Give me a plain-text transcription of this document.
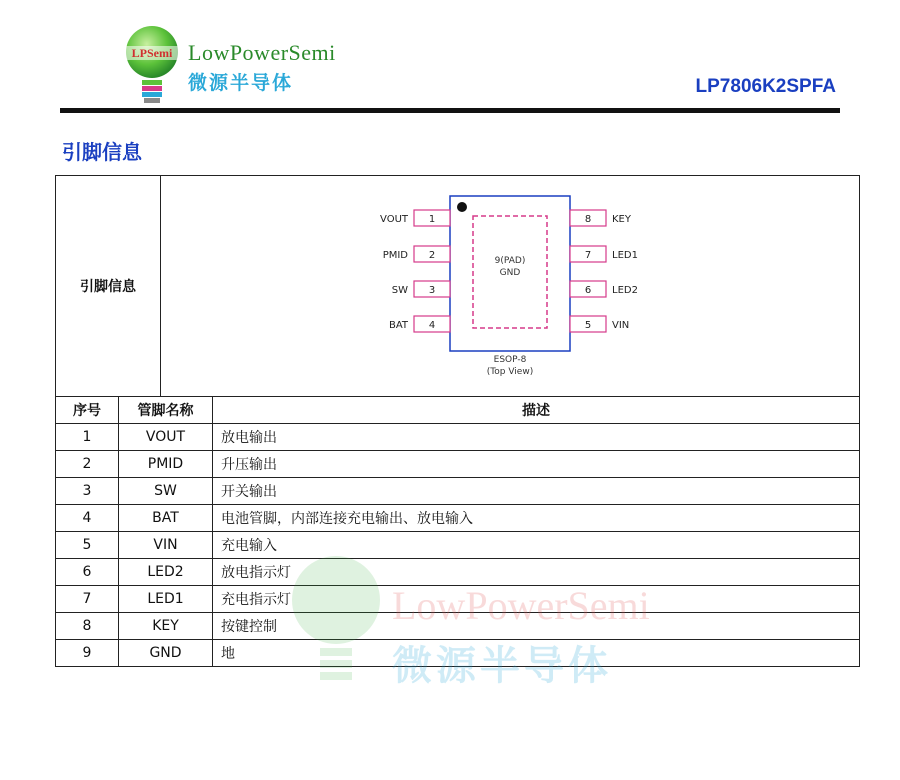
LPSemi LowPowerSemi
微源半导体	LP7806K2SPFA
引脚信息
引脚信息
9(PAD)
GND
ESOP-8
(Top View)
1
VOUT
2
PMID
3
SW
4
BAT
8 KEY
7 LED1
6 LED2
5 VIN
序号	管脚名称	描述
1	VOUT	放电输出
2	PMID	升压输出
3	SW	开关输出
4	BAT	电池管脚，内部连接充电输出、放电输入
5	VIN	充电输入
6	LED2	放电指示灯
7	LED1	充电指示灯
8	KEY	按键控制
9	GND	地
LowPowerSemi
微源半导体
